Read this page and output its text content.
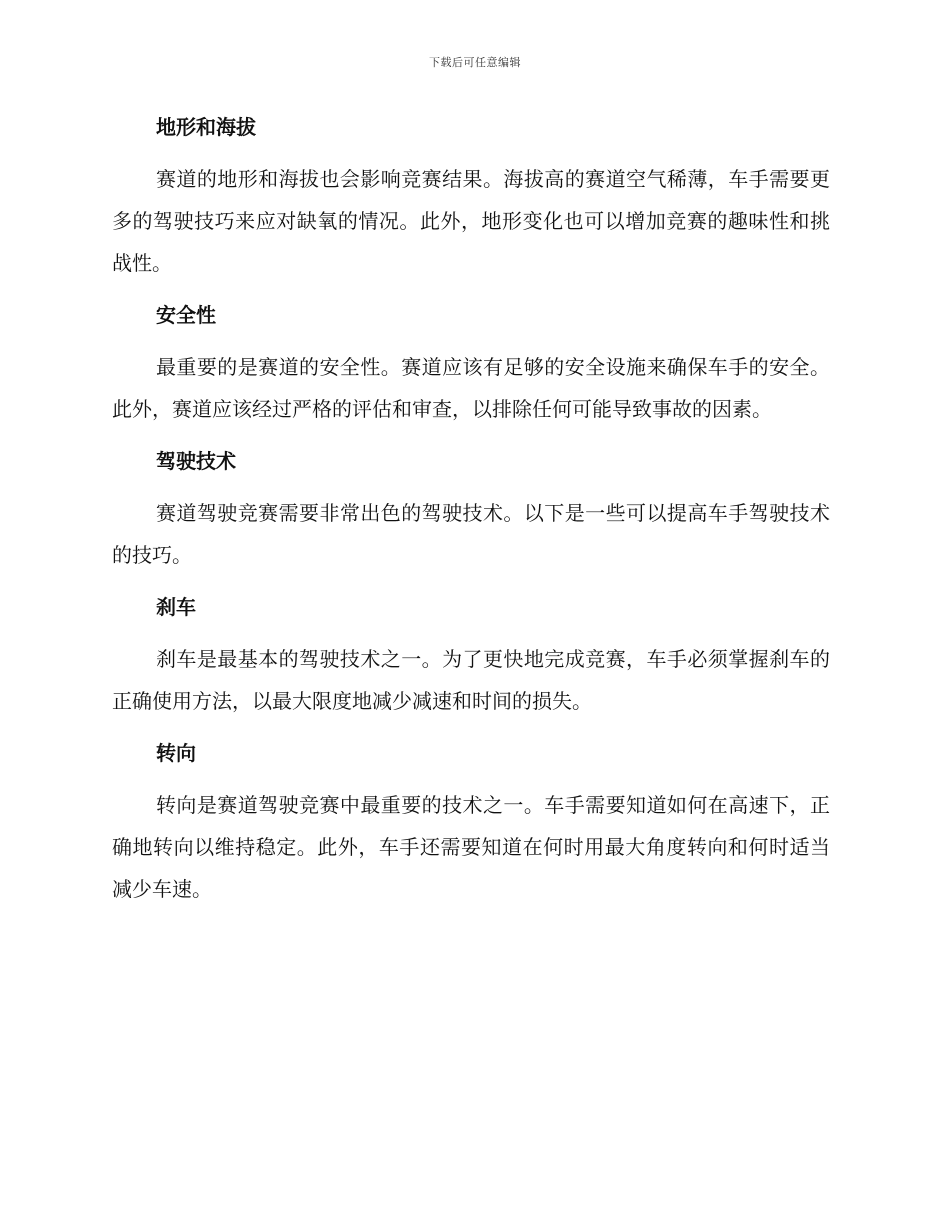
下载后可任意编辑
地形和海拔

赛道的地形和海拔也会影响竞赛结果。海拔高的赛道空气稀薄，车手需要更多的驾驶技巧来应对缺氧的情况。此外，地形变化也可以增加竞赛的趣味性和挑战性。

安全性

最重要的是赛道的安全性。赛道应该有足够的安全设施来确保车手的安全。此外，赛道应该经过严格的评估和审查，以排除任何可能导致事故的因素。

驾驶技术

赛道驾驶竞赛需要非常出色的驾驶技术。以下是一些可以提高车手驾驶技术的技巧。

刹车

刹车是最基本的驾驶技术之一。为了更快地完成竞赛，车手必须掌握刹车的正确使用方法，以最大限度地减少减速和时间的损失。

转向

转向是赛道驾驶竞赛中最重要的技术之一。车手需要知道如何在高速下，正确地转向以维持稳定。此外，车手还需要知道在何时用最大角度转向和何时适当减少车速。
